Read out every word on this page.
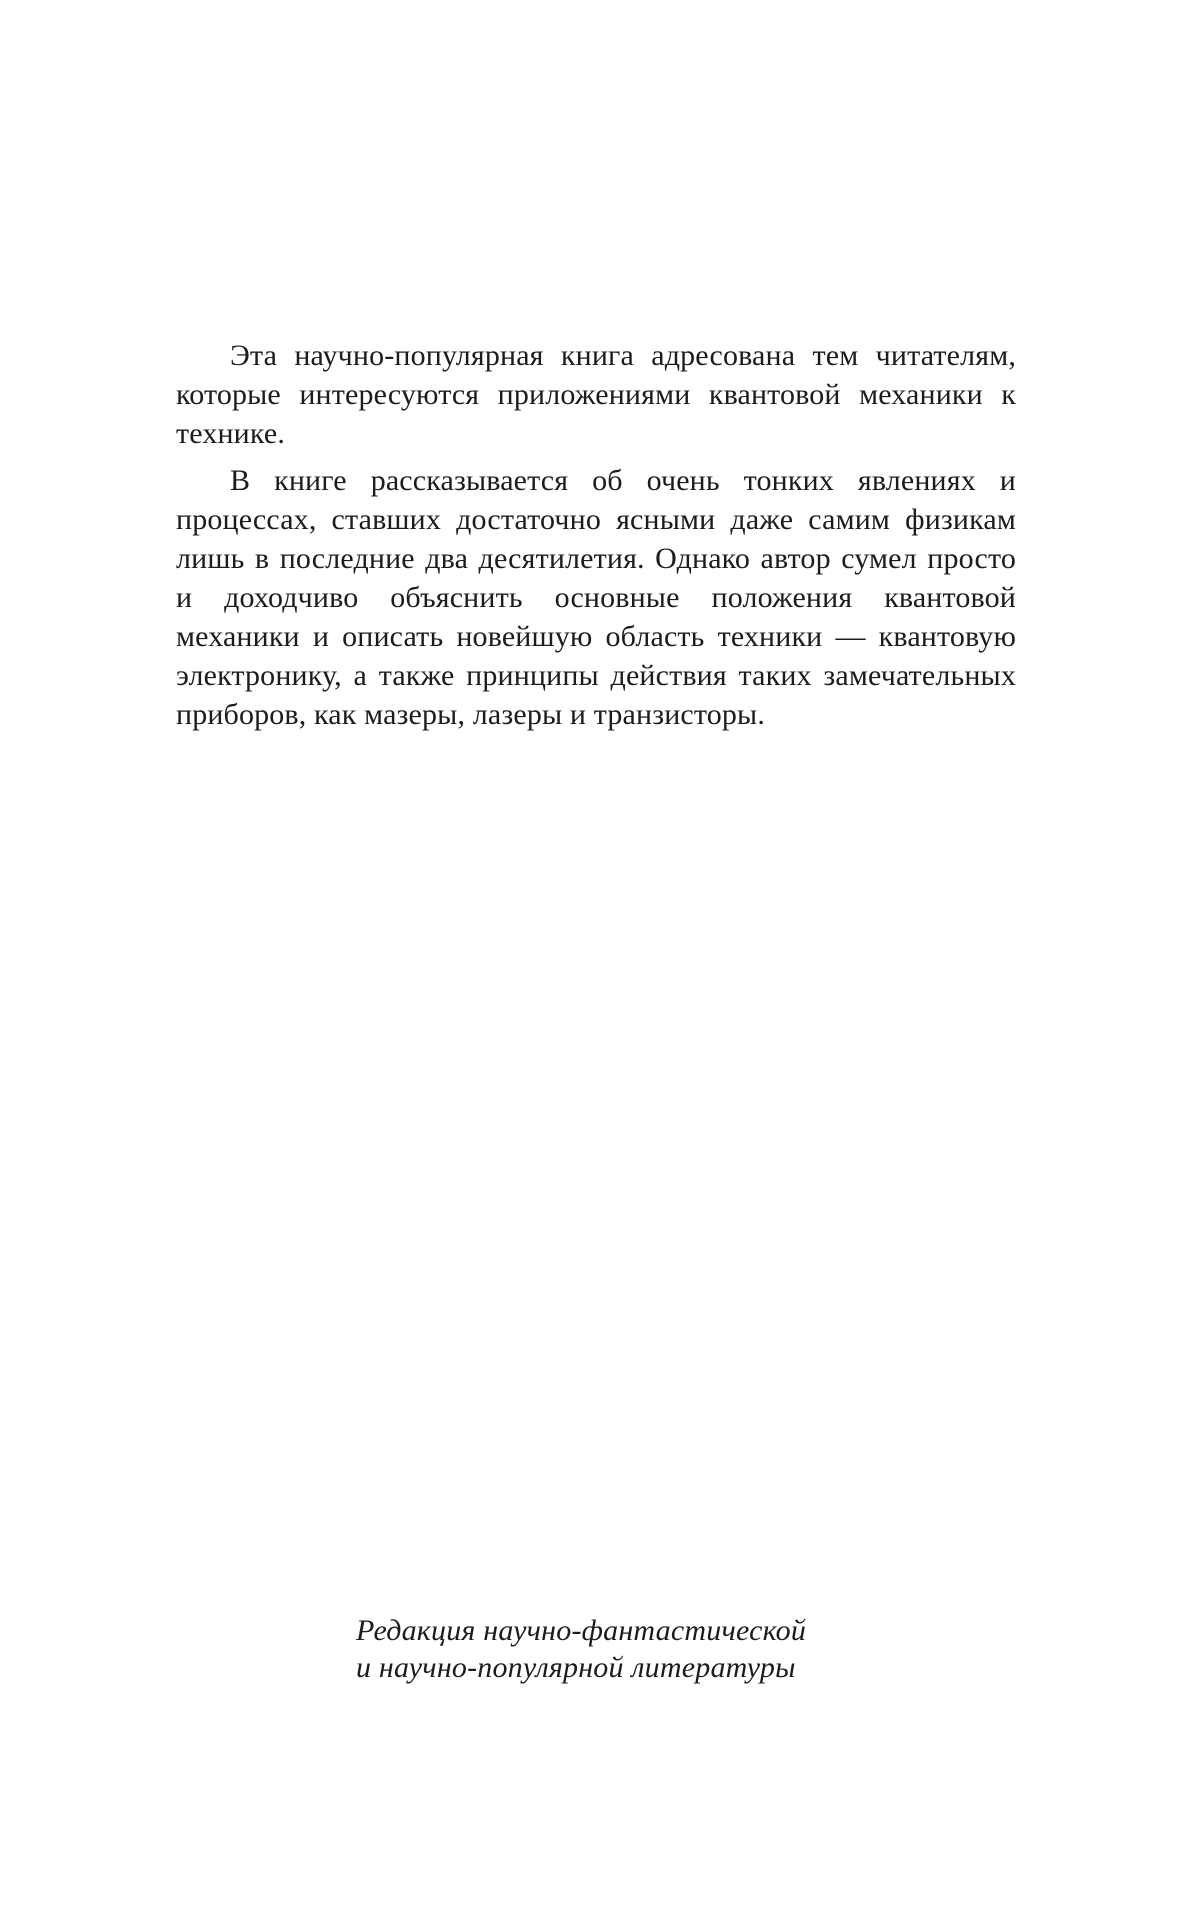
Эта научно-популярная книга адресована тем читателям, которые интересуются приложениями квантовой механики к технике.

В книге рассказывается об очень тонких явлениях и процессах, ставших достаточно ясными даже самим физикам лишь в последние два десятилетия. Однако автор сумел просто и доходчиво объяснить основные положения квантовой механики и описать новейшую область техники — квантовую электронику, а также принципы действия таких замечательных приборов, как мазеры, лазеры и транзисторы.

Редакция научно-фантастической
и научно-популярной литературы
